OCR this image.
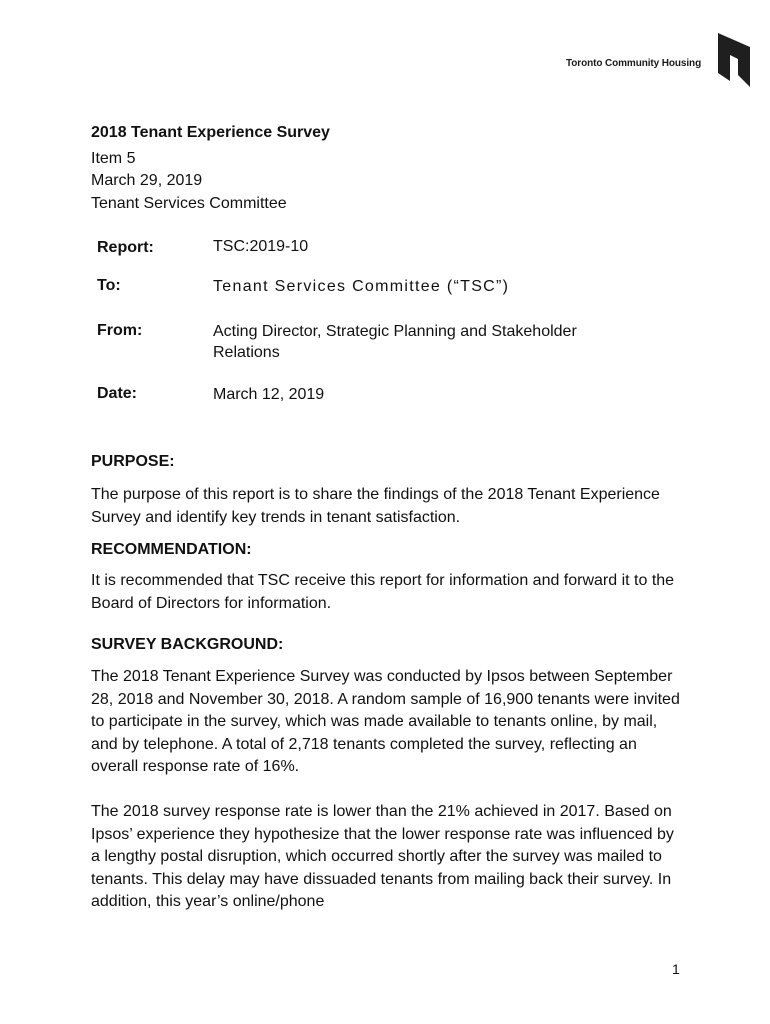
Toronto Community Housing
2018 Tenant Experience Survey
Item 5
March 29, 2019
Tenant Services Committee
Report:	TSC:2019-10
To:	Tenant Services Committee (“TSC”)
From:	Acting Director, Strategic Planning and Stakeholder Relations
Date:	March 12, 2019
PURPOSE:
The purpose of this report is to share the findings of the 2018 Tenant Experience Survey and identify key trends in tenant satisfaction.
RECOMMENDATION:
It is recommended that TSC receive this report for information and forward it to the Board of Directors for information.
SURVEY BACKGROUND:
The 2018 Tenant Experience Survey was conducted by Ipsos between September 28, 2018 and November 30, 2018. A random sample of 16,900 tenants were invited to participate in the survey, which was made available to tenants online, by mail, and by telephone. A total of 2,718 tenants completed the survey, reflecting an overall response rate of 16%.
The 2018 survey response rate is lower than the 21% achieved in 2017. Based on Ipsos’ experience they hypothesize that the lower response rate was influenced by a lengthy postal disruption, which occurred shortly after the survey was mailed to tenants. This delay may have dissuaded tenants from mailing back their survey. In addition, this year’s online/phone
1
